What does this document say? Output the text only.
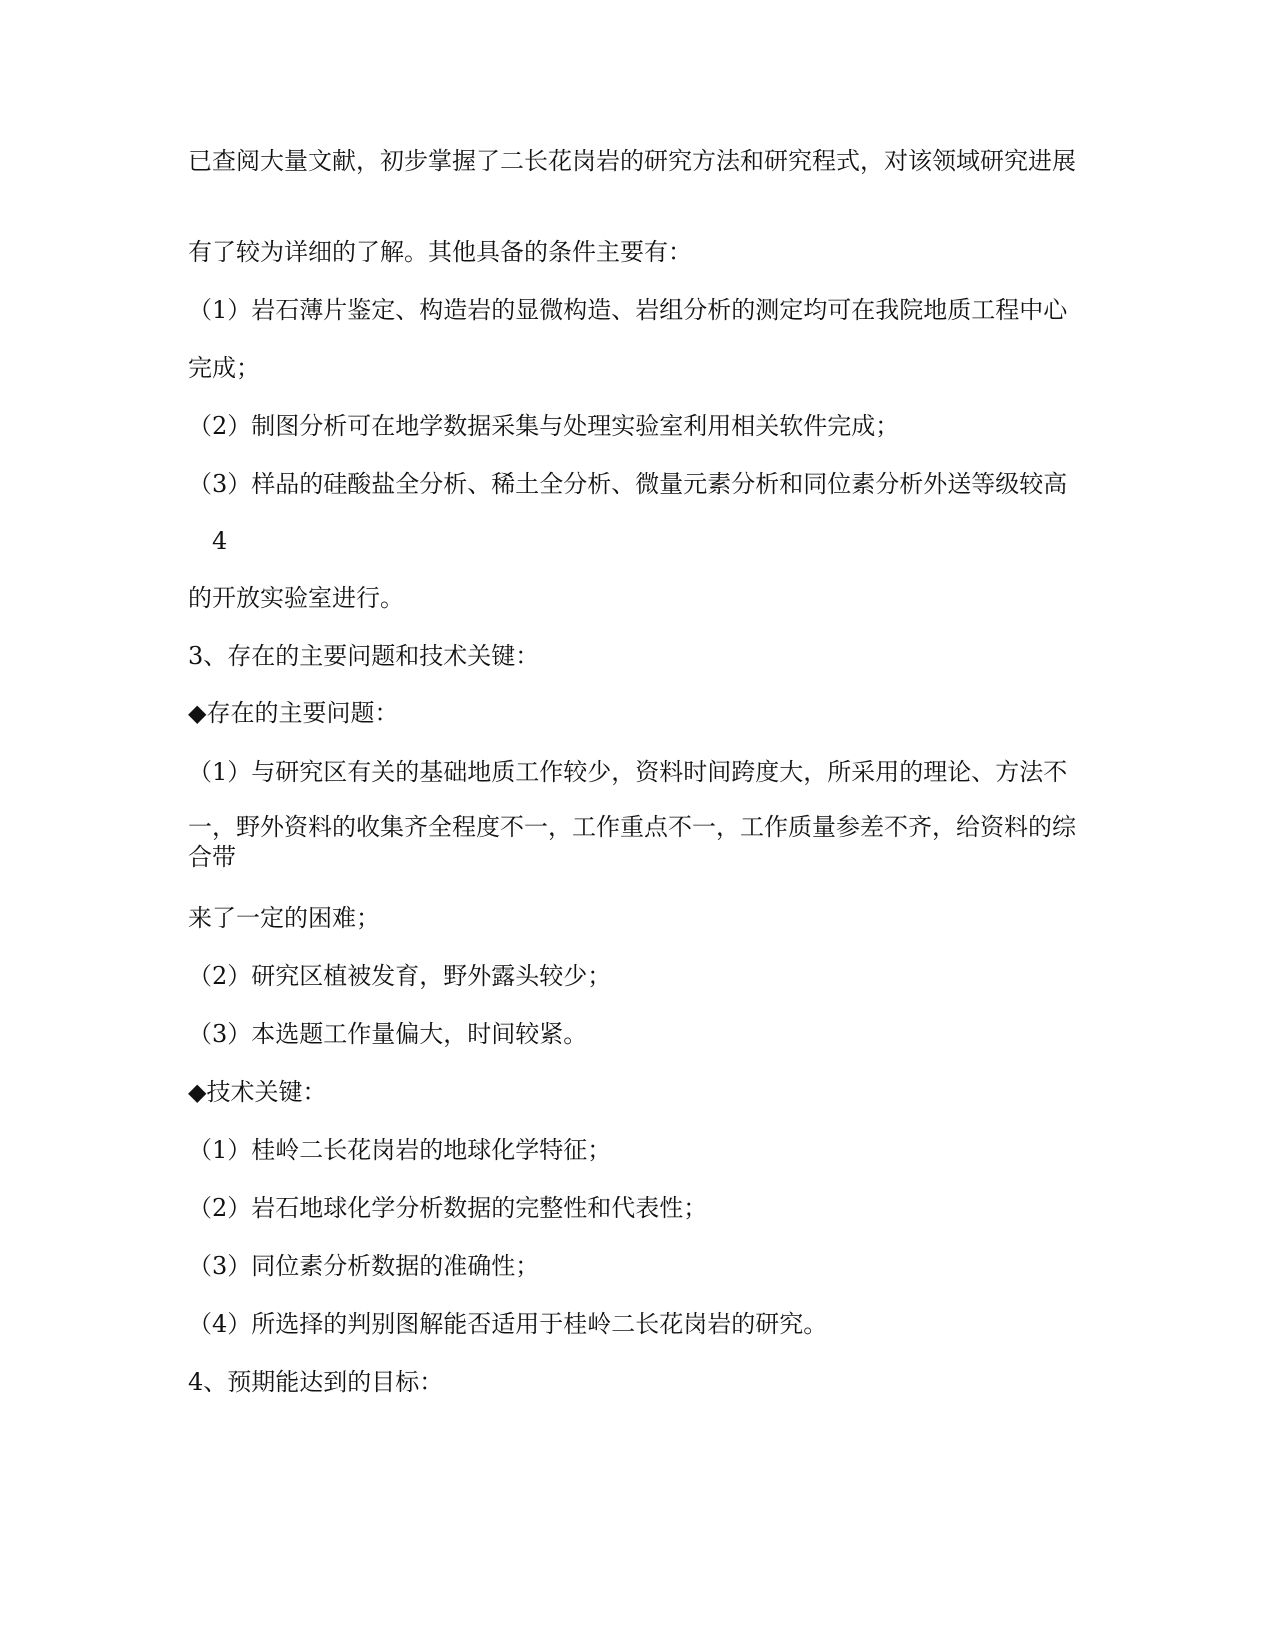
已查阅大量文献，初步掌握了二长花岗岩的研究方法和研究程式，对该领域研究进展
有了较为详细的了解。其他具备的条件主要有：
（1）岩石薄片鉴定、构造岩的显微构造、岩组分析的测定均可在我院地质工程中心
完成；
（2）制图分析可在地学数据采集与处理实验室利用相关软件完成；
（3）样品的硅酸盐全分析、稀土全分析、微量元素分析和同位素分析外送等级较高
4
的开放实验室进行。
3、存在的主要问题和技术关键：
◆存在的主要问题：
（1）与研究区有关的基础地质工作较少，资料时间跨度大，所采用的理论、方法不
一，野外资料的收集齐全程度不一，工作重点不一，工作质量参差不齐，给资料的综合带
来了一定的困难；
（2）研究区植被发育，野外露头较少；
（3）本选题工作量偏大，时间较紧。
◆技术关键：
（1）桂岭二长花岗岩的地球化学特征；
（2）岩石地球化学分析数据的完整性和代表性；
（3）同位素分析数据的准确性；
（4）所选择的判别图解能否适用于桂岭二长花岗岩的研究。
4、预期能达到的目标：
